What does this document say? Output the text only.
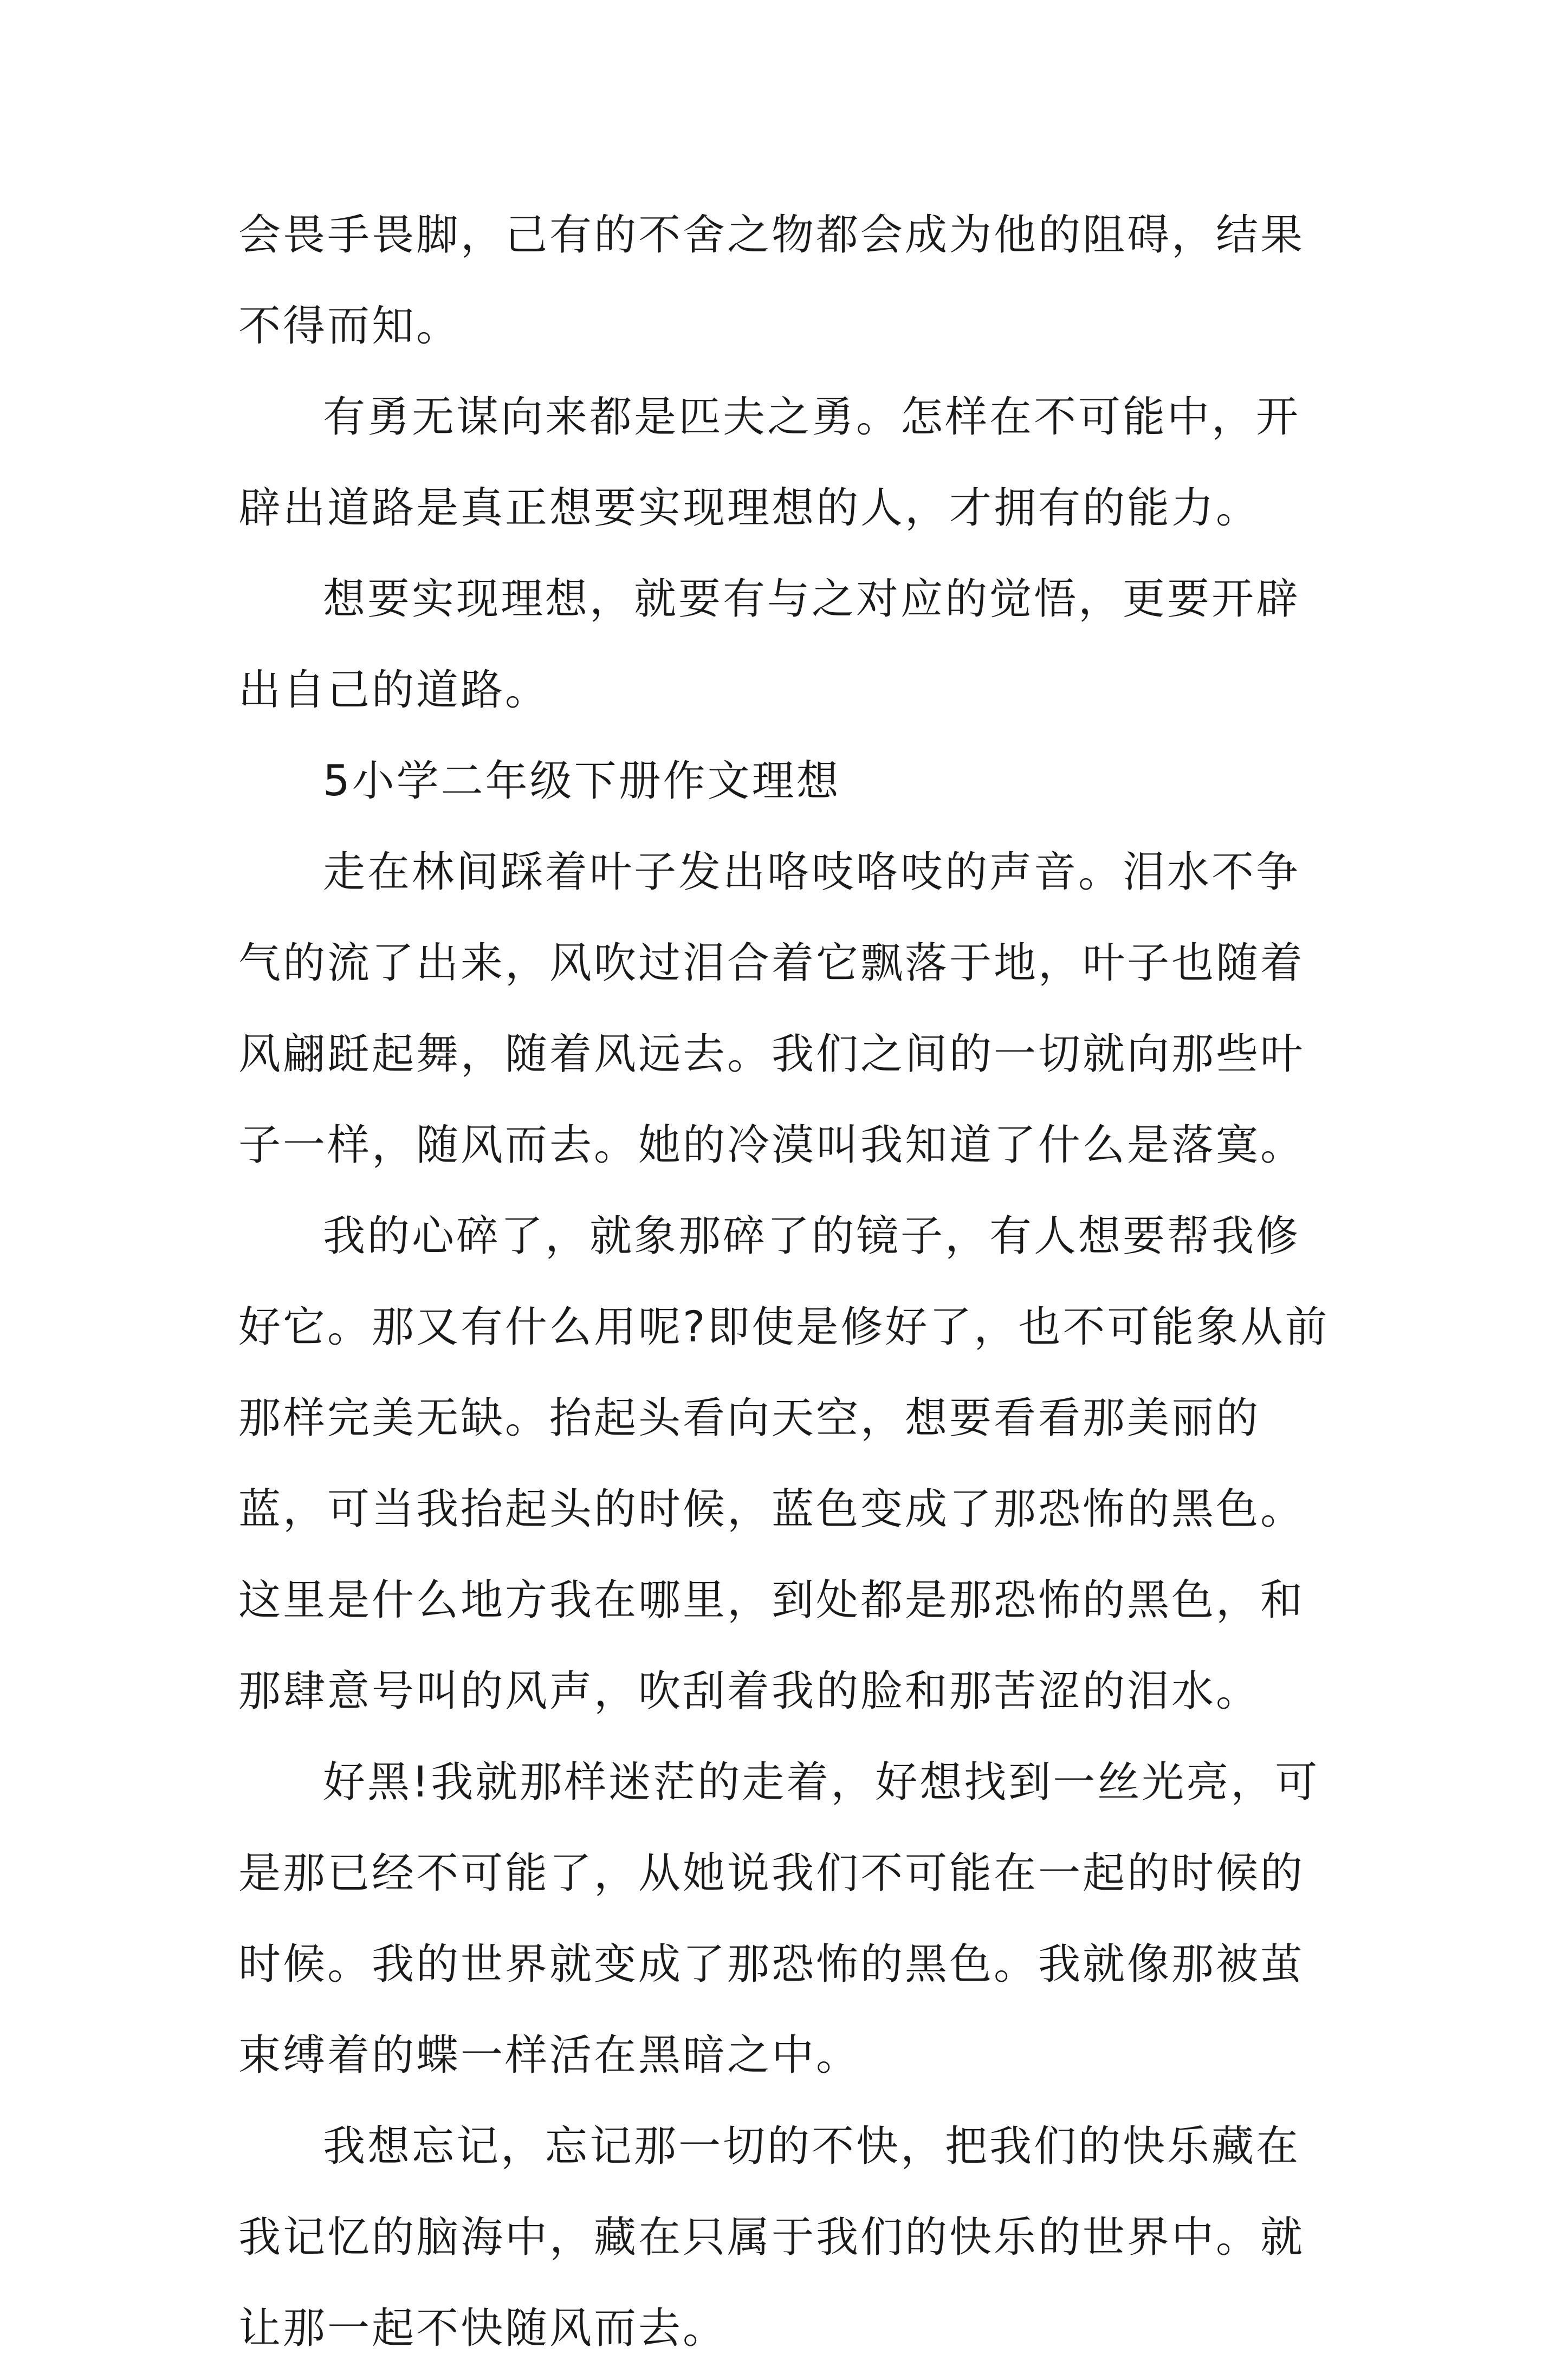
会畏手畏脚，己有的不舍之物都会成为他的阻碍，结果不得而知。

有勇无谋向来都是匹夫之勇。怎样在不可能中，开辟出道路是真正想要实现理想的人，才拥有的能力。

想要实现理想，就要有与之对应的觉悟，更要开辟出自己的道路。

5小学二年级下册作文理想

走在林间踩着叶子发出咯吱咯吱的声音。泪水不争气的流了出来，风吹过泪合着它飘落于地，叶子也随着风翩跹起舞，随着风远去。我们之间的一切就向那些叶子一样，随风而去。她的冷漠叫我知道了什么是落寞。

我的心碎了，就象那碎了的镜子，有人想要帮我修好它。那又有什么用呢?即使是修好了，也不可能象从前那样完美无缺。抬起头看向天空，想要看看那美丽的蓝，可当我抬起头的时候，蓝色变成了那恐怖的黑色。这里是什么地方我在哪里，到处都是那恐怖的黑色，和那肆意号叫的风声，吹刮着我的脸和那苦涩的泪水。

好黑!我就那样迷茫的走着，好想找到一丝光亮，可是那已经不可能了，从她说我们不可能在一起的时候的时候。我的世界就变成了那恐怖的黑色。我就像那被茧束缚着的蝶一样活在黑暗之中。

我想忘记，忘记那一切的不快，把我们的快乐藏在我记忆的脑海中，藏在只属于我们的快乐的世界中。就让那一起不快随风而去。
